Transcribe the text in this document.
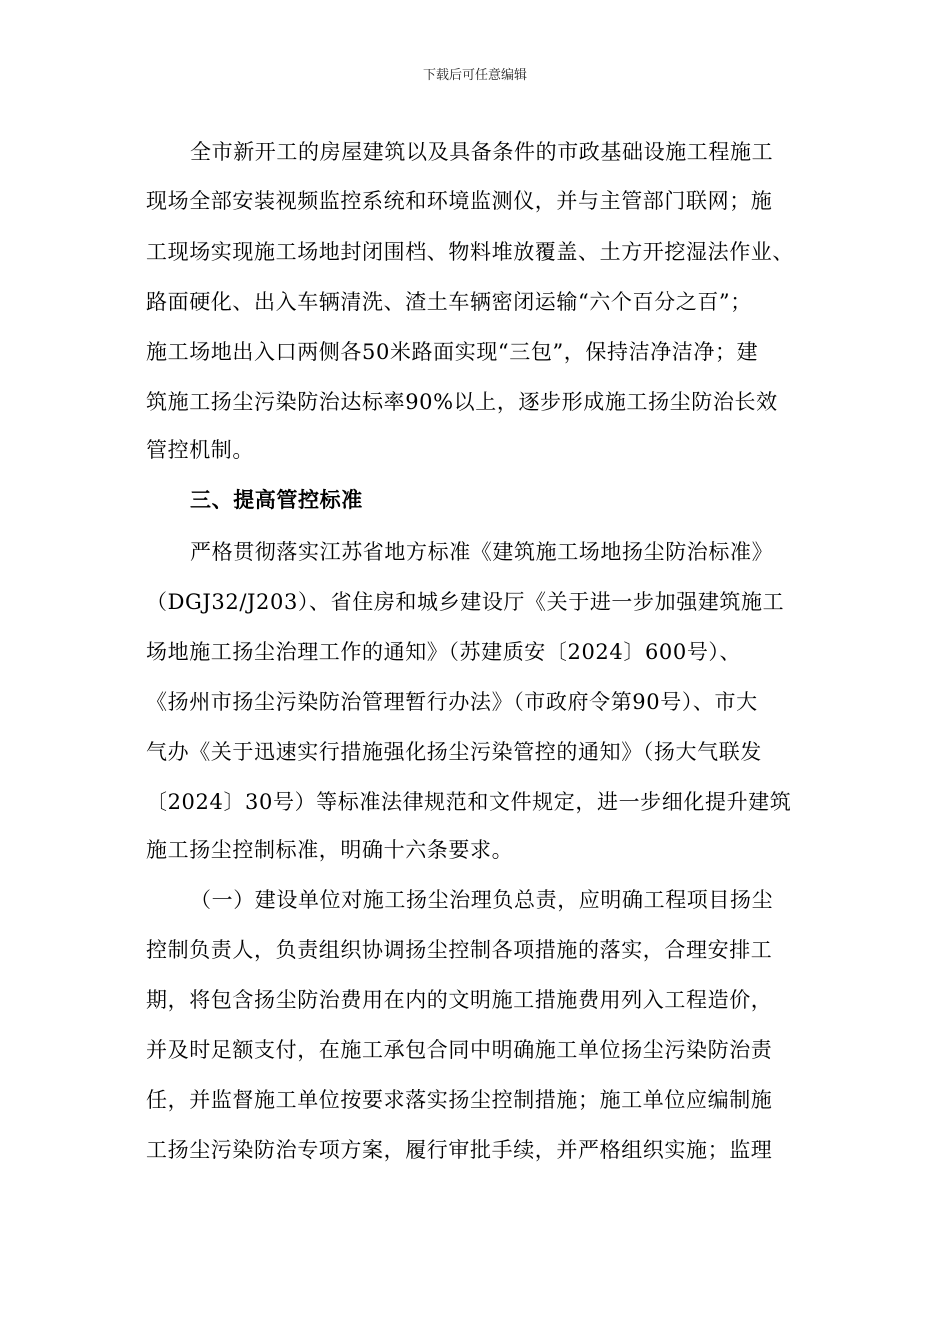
下载后可任意编辑
全市新开工的房屋建筑以及具备条件的市政基础设施工程施工
现场全部安装视频监控系统和环境监测仪，并与主管部门联网；施
工现场实现施工场地封闭围档、物料堆放覆盖、土方开挖湿法作业、
路面硬化、出入车辆清洗、渣土车辆密闭运输“六个百分之百”；
施工场地出入口两侧各50米路面实现“三包”，保持洁净洁净；建
筑施工扬尘污染防治达标率90%以上，逐步形成施工扬尘防治长效
管控机制。
三、提高管控标准
严格贯彻落实江苏省地方标准《建筑施工场地扬尘防治标准》
（DGJ32/J203）、省住房和城乡建设厅《关于进一步加强建筑施工
场地施工扬尘治理工作的通知》（苏建质安〔2024〕600号）、
《扬州市扬尘污染防治管理暂行办法》（市政府令第90号）、市大
气办《关于迅速实行措施强化扬尘污染管控的通知》（扬大气联发
〔2024〕30号）等标准法律规范和文件规定，进一步细化提升建筑
施工扬尘控制标准，明确十六条要求。
（一）建设单位对施工扬尘治理负总责，应明确工程项目扬尘
控制负责人，负责组织协调扬尘控制各项措施的落实，合理安排工
期，将包含扬尘防治费用在内的文明施工措施费用列入工程造价，
并及时足额支付，在施工承包合同中明确施工单位扬尘污染防治责
任，并监督施工单位按要求落实扬尘控制措施；施工单位应编制施
工扬尘污染防治专项方案，履行审批手续，并严格组织实施；监理
